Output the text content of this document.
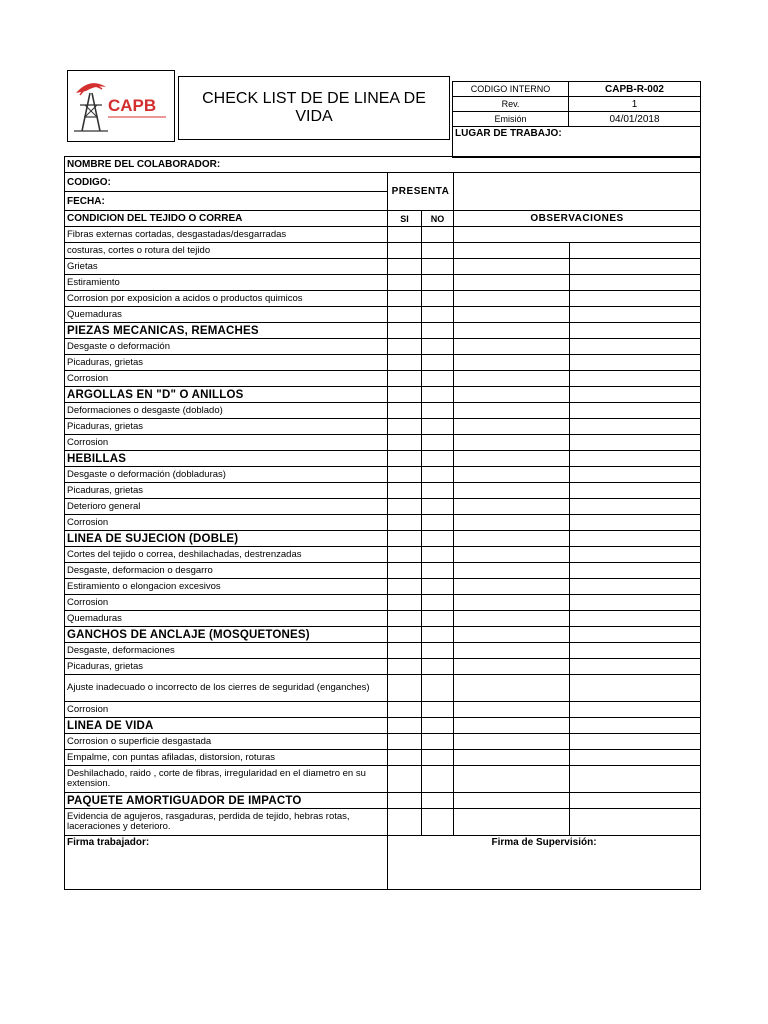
CAPB	CHECK LIST DE DE LINEA DE VIDA
CODIGO INTERNO	CAPB-R-002
Rev.	1
Emisión	04/01/2018
LUGAR DE TRABAJO:	
NOMBRE DEL COLABORADOR:				
CODIGO:	PRESENTA			
FECHA:				
CONDICION DEL TEJIDO O CORREA	SI	NO	OBSERVACIONES	
Fibras externas cortadas, desgastadas/desgarradas				
costuras, cortes o rotura del tejido				
Grietas				
Estiramiento				
Corrosion por exposicion a acidos o productos quimicos				
Quemaduras				
PIEZAS MECANICAS, REMACHES				
Desgaste o deformación				
Picaduras, grietas				
Corrosion				
ARGOLLAS EN "D" O ANILLOS				
Deformaciones o desgaste (doblado)				
Picaduras, grietas				
Corrosion				
HEBILLAS				
Desgaste o deformación (dobladuras)				
Picaduras, grietas				
Deterioro general				
Corrosion				
LINEA DE SUJECION (DOBLE)				
Cortes del tejido o correa, deshilachadas, destrenzadas				
Desgaste, deformacion o desgarro				
Estiramiento o elongacion excesivos				
Corrosion				
Quemaduras				
GANCHOS DE ANCLAJE (MOSQUETONES)				
Desgaste, deformaciones				
Picaduras, grietas				
Ajuste inadecuado o incorrecto de los cierres de seguridad (enganches)				
Corrosion				
LINEA DE VIDA				
Corrosion o superficie desgastada				
Empalme, con puntas afiladas, distorsion, roturas				
Deshilachado, raido , corte de fibras, irregularidad en el diametro en su extension.				
PAQUETE AMORTIGUADOR DE IMPACTO				
Evidencia de agujeros, rasgaduras, perdida de tejido, hebras rotas, laceraciones y deterioro.				
Firma trabajador:	Firma de Supervisión:			
